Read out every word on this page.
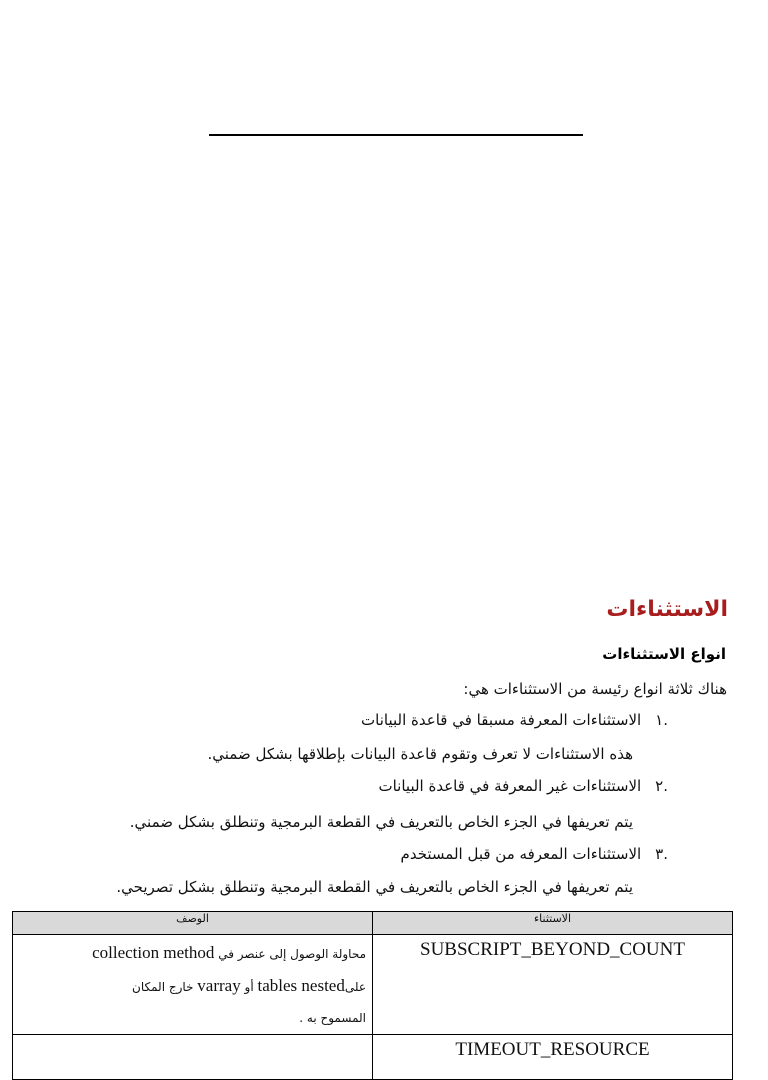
الاستثناءات
انواع الاستثناءات
هناك ثلاثة انواع رئيسة من الاستثناءات هي:
.١ الاستثناءات المعرفة مسبقا في قاعدة البيانات
هذه الاستثناءات لا تعرف وتقوم قاعدة البيانات بإطلاقها بشكل ضمني.
.٢ الاستثناءات غير المعرفة في قاعدة البيانات
يتم تعريفها في الجزء الخاص بالتعريف في القطعة البرمجية وتنطلق بشكل ضمني.
.٣ الاستثناءات المعرفه من قبل المستخدم
يتم تعريفها في الجزء الخاص بالتعريف في القطعة البرمجية وتنطلق بشكل تصريحي.
الاستثناء	الوصف
SUBSCRIPT_BEYOND_COUNT	محاولة الوصول إلى عنصر في collection method
علىtables nested أو varray خارج المكان
المسموح به .

TIMEOUT_RESOURCE	
